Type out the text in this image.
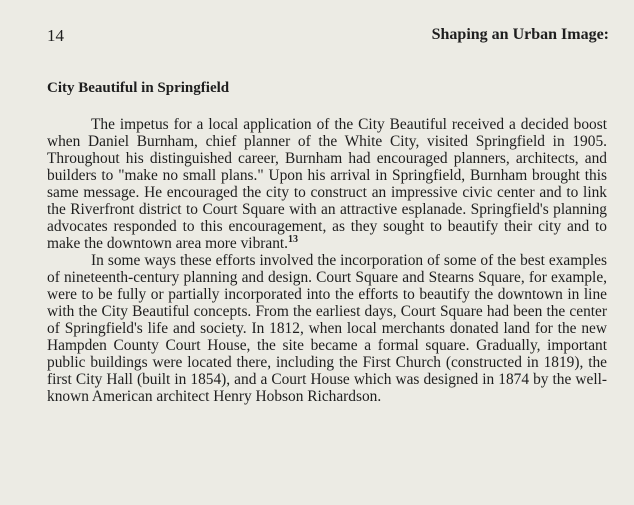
14	Shaping an Urban Image:
City Beautiful in Springfield

The impetus for a local application of the City Beautiful received a decided boost when Daniel Burnham, chief planner of the White City, visited Springfield in 1905. Throughout his distinguished career, Burnham had encouraged planners, architects, and builders to "make no small plans." Upon his arrival in Springfield, Burnham brought this same message. He encouraged the city to construct an impressive civic center and to link the Riverfront district to Court Square with an attractive esplanade. Springfield's planning advocates responded to this encouragement, as they sought to beautify their city and to make the downtown area more vibrant.$^{13}$

In some ways these efforts involved the incorporation of some of the best examples of nineteenth-century planning and design. Court Square and Stearns Square, for example, were to be fully or partially incorporated into the efforts to beautify the downtown in line with the City Beautiful concepts. From the earliest days, Court Square had been the center of Springfield's life and society. In 1812, when local merchants donated land for the new Hampden County Court House, the site became a formal square. Gradually, important public buildings were located there, including the First Church (constructed in 1819), the first City Hall (built in 1854), and a Court House which was designed in 1874 by the well-known American architect Henry Hobson Richardson.
